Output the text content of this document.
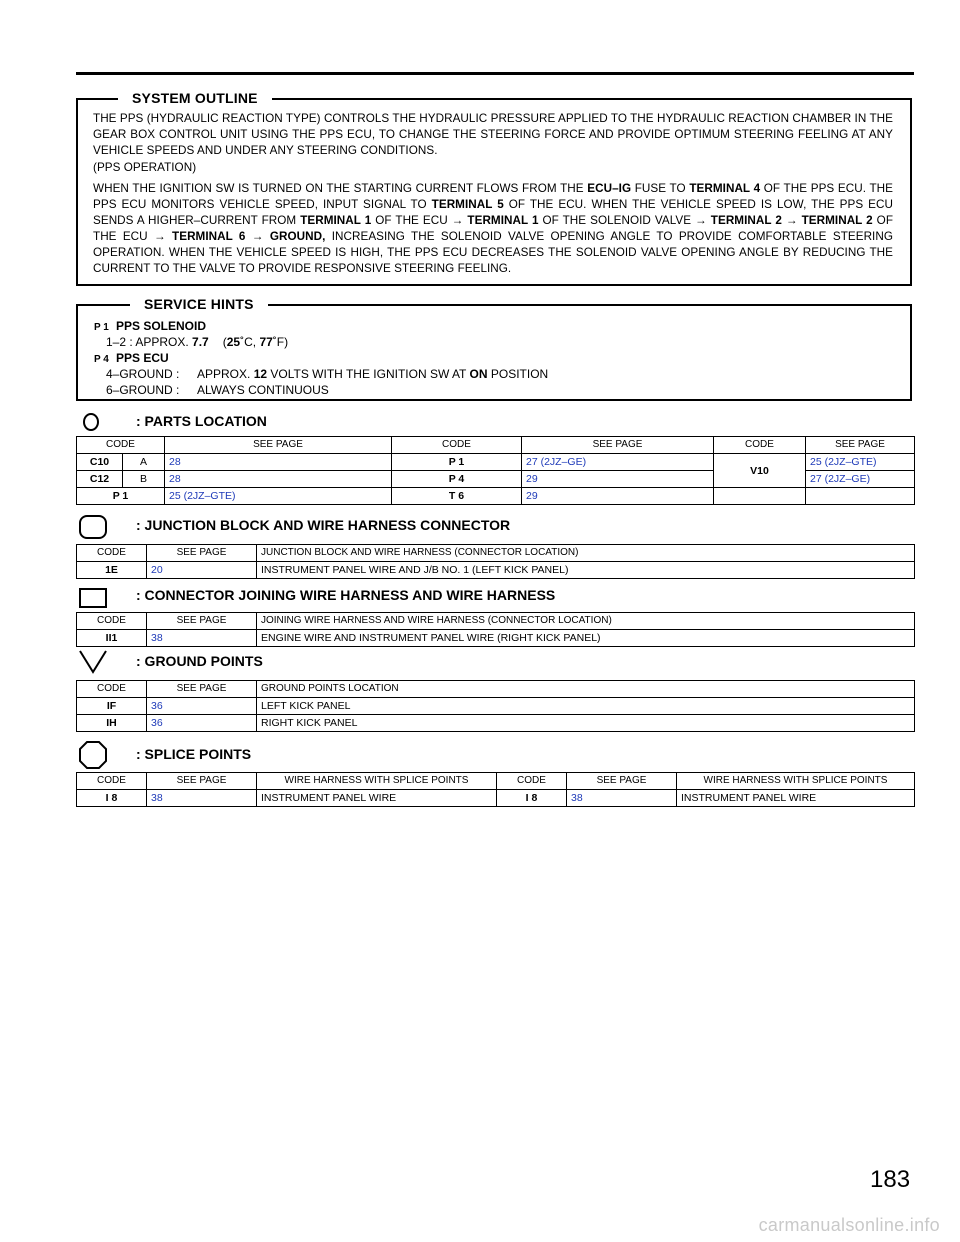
SYSTEM OUTLINE

THE PPS (HYDRAULIC REACTION TYPE) CONTROLS THE HYDRAULIC PRESSURE APPLIED TO THE HYDRAULIC REACTION CHAMBER IN THE GEAR BOX CONTROL UNIT USING THE PPS ECU, TO CHANGE THE STEERING FORCE AND PROVIDE OPTIMUM STEERING FEELING AT ANY VEHICLE SPEEDS AND UNDER ANY STEERING CONDITIONS.

(PPS OPERATION)

WHEN THE IGNITION SW IS TURNED ON THE STARTING CURRENT FLOWS FROM THE ECU–IG FUSE TO TERMINAL 4 OF THE PPS ECU. THE PPS ECU MONITORS VEHICLE SPEED, INPUT SIGNAL TO TERMINAL 5 OF THE ECU. WHEN THE VEHICLE SPEED IS LOW, THE PPS ECU SENDS A HIGHER–CURRENT FROM TERMINAL 1 OF THE ECU → TERMINAL 1 OF THE SOLENOID VALVE → TERMINAL 2 → TERMINAL 2 OF THE ECU → TERMINAL 6 → GROUND, INCREASING THE SOLENOID VALVE OPENING ANGLE TO PROVIDE COMFORTABLE STEERING OPERATION. WHEN THE VEHICLE SPEED IS HIGH, THE PPS ECU DECREASES THE SOLENOID VALVE OPENING ANGLE BY REDUCING THE CURRENT TO THE VALVE TO PROVIDE RESPONSIVE STEERING FEELING.

SERVICE HINTS
P 1 PPS SOLENOID
1–2 : APPROX. 7.7 (25˚C, 77˚F)
P 4 PPS ECU
4–GROUND : APPROX. 12 VOLTS WITH THE IGNITION SW AT ON POSITION
6–GROUND : ALWAYS CONTINUOUS
: PARTS LOCATION
CODE		SEE PAGE	CODE	SEE PAGE	CODE	SEE PAGE
C10	A	28	P 1	27 (2JZ–GE)	V10	25 (2JZ–GTE)
C12	B	28	P 4	29		27 (2JZ–GE)
P 1		25 (2JZ–GTE)	T 6	29		
: JUNCTION BLOCK AND WIRE HARNESS CONNECTOR
CODE	SEE PAGE	JUNCTION BLOCK AND WIRE HARNESS (CONNECTOR LOCATION)
1E	20	INSTRUMENT PANEL WIRE AND J/B NO. 1 (LEFT KICK PANEL)
: CONNECTOR JOINING WIRE HARNESS AND WIRE HARNESS
CODE	SEE PAGE	JOINING WIRE HARNESS AND WIRE HARNESS (CONNECTOR LOCATION)
II1	38	ENGINE WIRE AND INSTRUMENT PANEL WIRE (RIGHT KICK PANEL)
: GROUND POINTS
CODE	SEE PAGE	GROUND POINTS LOCATION
IF	36	LEFT KICK PANEL
IH	36	RIGHT KICK PANEL
: SPLICE POINTS
CODE	SEE PAGE	WIRE HARNESS WITH SPLICE POINTS	CODE	SEE PAGE	WIRE HARNESS WITH SPLICE POINTS
I 8	38	INSTRUMENT PANEL WIRE	I 8	38	INSTRUMENT PANEL WIRE
183
carmanualsonline.info
